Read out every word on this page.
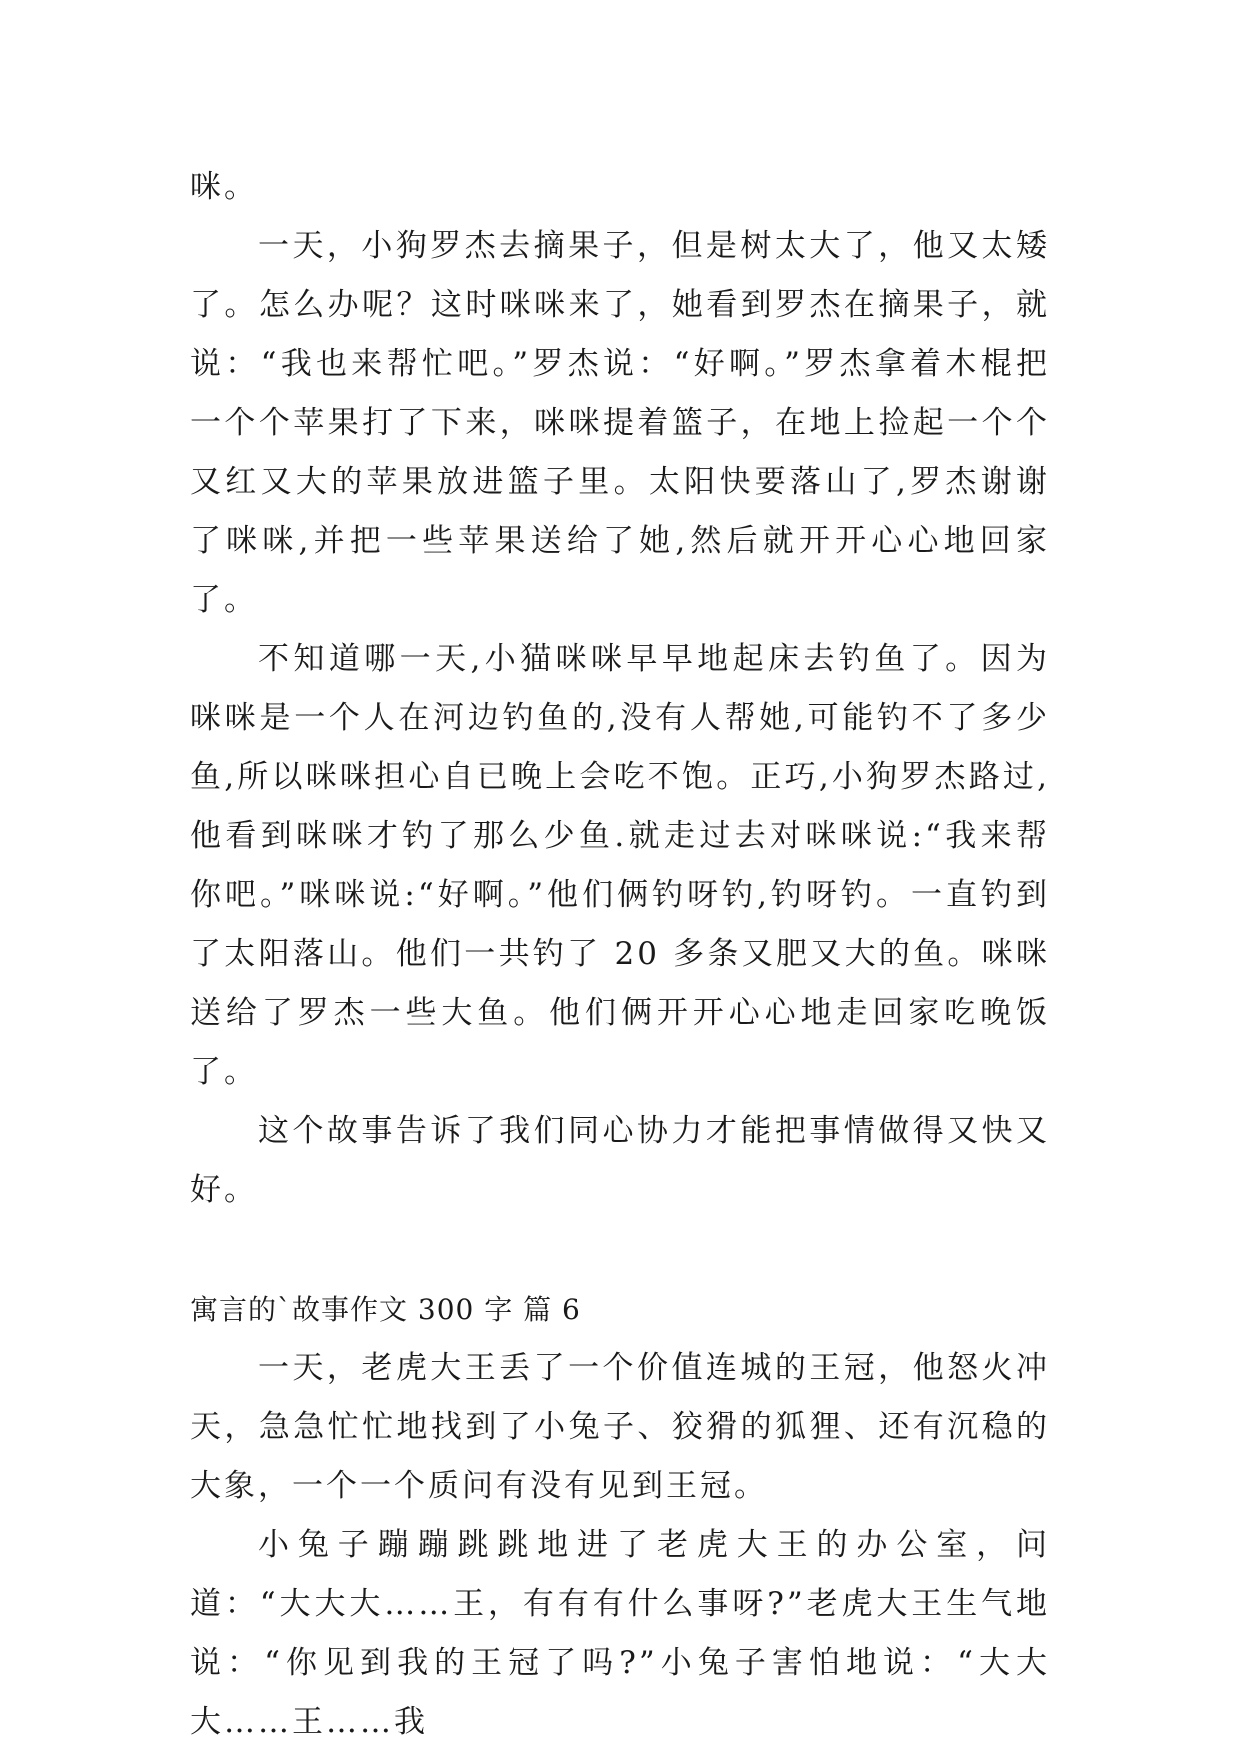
咪。

一天，小狗罗杰去摘果子，但是树太大了，他又太矮了。怎么办呢？这时咪咪来了，她看到罗杰在摘果子，就说：“我也来帮忙吧。”罗杰说：“好啊。”罗杰拿着木棍把一个个苹果打了下来，咪咪提着篮子，在地上捡起一个个又红又大的苹果放进篮子里。太阳快要落山了,罗杰谢谢了咪咪,并把一些苹果送给了她,然后就开开心心地回家了。

不知道哪一天,小猫咪咪早早地起床去钓鱼了。因为咪咪是一个人在河边钓鱼的,没有人帮她,可能钓不了多少鱼,所以咪咪担心自已晚上会吃不饱。正巧,小狗罗杰路过,他看到咪咪才钓了那么少鱼.就走过去对咪咪说:“我来帮你吧。”咪咪说:“好啊。”他们俩钓呀钓,钓呀钓。一直钓到了太阳落山。他们一共钓了 20 多条又肥又大的鱼。咪咪送给了罗杰一些大鱼。他们俩开开心心地走回家吃晚饭了。

这个故事告诉了我们同心协力才能把事情做得又快又好。

寓言的`故事作文 300 字 篇 6

一天，老虎大王丢了一个价值连城的王冠，他怒火冲天，急急忙忙地找到了小兔子、狡猾的狐狸、还有沉稳的大象，一个一个质问有没有见到王冠。

小兔子蹦蹦跳跳地进了老虎大王的办公室，问道：“大大大……王，有有有什么事呀?”老虎大王生气地说：“你见到我的王冠了吗?”小兔子害怕地说：“大大大……王……我
